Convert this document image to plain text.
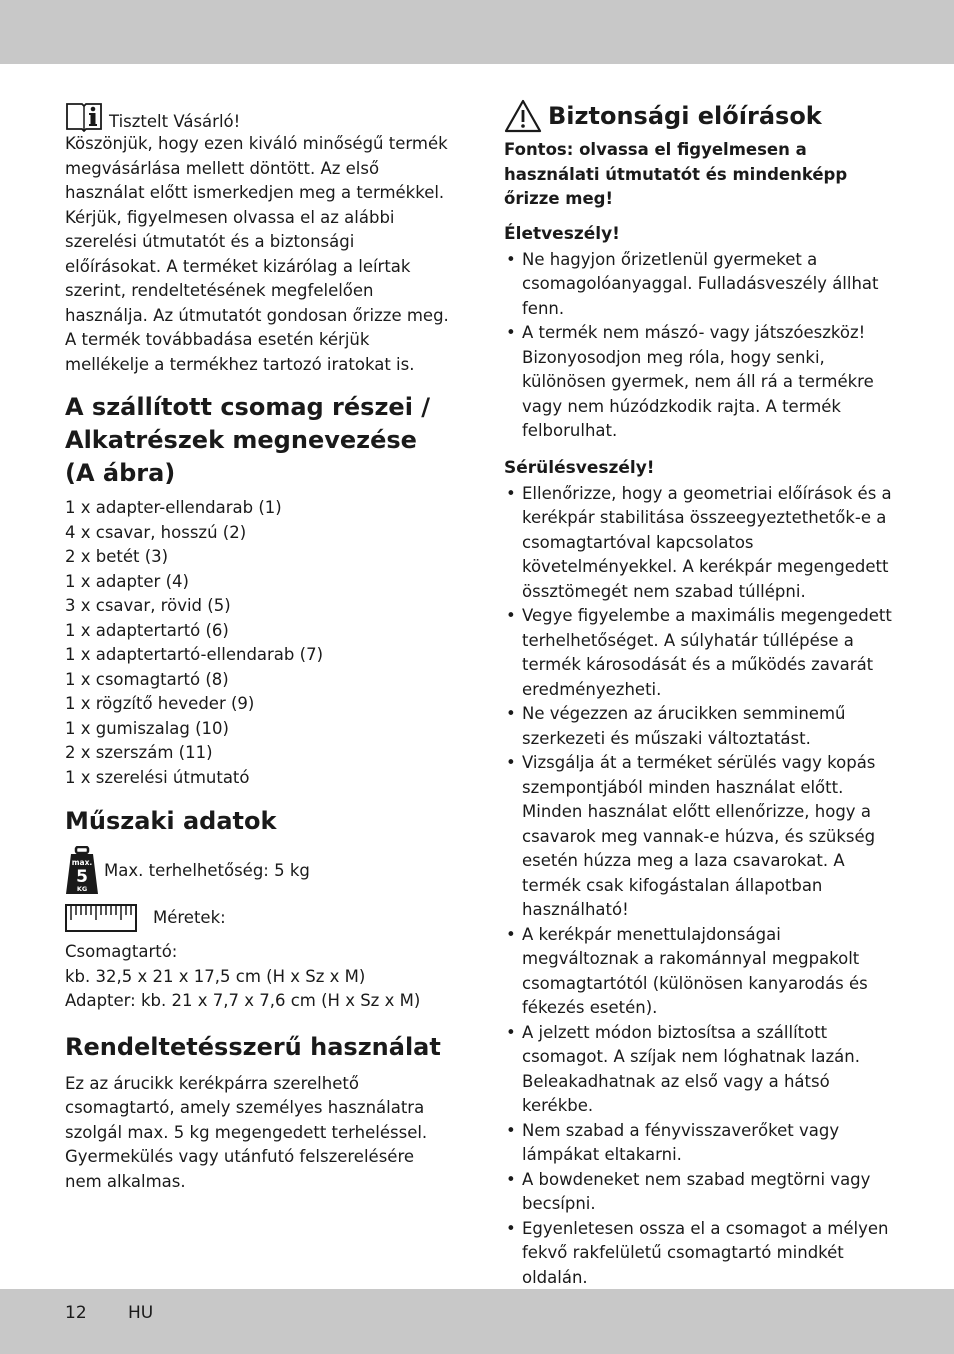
Tisztelt Vásárló!

Köszönjük, hogy ezen kiváló minőségű termék megvásárlása mellett döntött. Az első használat előtt ismerkedjen meg a termékkel. Kérjük, figyelmesen olvassa el az alábbi szerelési útmutatót és a biztonsági előírásokat. A terméket kizárólag a leírtak szerint, rendeltetésének megfelelően használja. Az útmutatót gondosan őrizze meg. A termék továbbadása esetén kérjük mellékelje a termékhez tartozó iratokat is.

A szállított csomag részei / Alkatrészek megnevezése (A ábra)
1 x adapter-ellendarab (1)
4 x csavar, hosszú (2)
2 x betét (3)
1 x adapter (4)
3 x csavar, rövid (5)
1 x adaptertartó (6)
1 x adaptertartó-ellendarab (7)
1 x csomagtartó (8)
1 x rögzítő heveder (9)
1 x gumiszalag (10)
2 x szerszám (11)
1 x szerelési útmutató
Műszaki adatok
max.
5
KG
Max. terhelhetőség: 5 kg
Méretek:

Csomagtartó:

kb. 32,5 x 21 x 17,5 cm (H x Sz x M)

Adapter: kb. 21 x 7,7 x 7,6 cm (H x Sz x M)

Rendeltetésszerű használat

Ez az árucikk kerékpárra szerelhető csomagtartó, amely személyes használatra szolgál max. 5 kg megengedett terheléssel. Gyermekülés vagy utánfutó felszerelésére nem alkalmas.

Biztonsági előírások

Fontos: olvassa el figyelmesen a használati útmutatót és mindenképp őrizze meg!

Életveszély!
• Ne hagyjon őrizetlenül gyermeket a csomagolóanyaggal. Fulladásveszély állhat fenn.
• A termék nem mászó- vagy játszóeszköz! Bizonyosodjon meg róla, hogy senki, különösen gyermek, nem áll rá a termékre vagy nem húzódzkodik rajta. A termék felborulhat.
Sérülésveszély!
• Ellenőrizze, hogy a geometriai előírások és a kerékpár stabilitása összeegyeztethetők-e a csomagtartóval kapcsolatos követelményekkel. A kerékpár megengedett össztömegét nem szabad túllépni.
• Vegye figyelembe a maximális megengedett terhelhetőséget. A súlyhatár túllépése a termék károsodását és a működés zavarát eredményezheti.
• Ne végezzen az árucikken semminemű szerkezeti és műszaki változtatást.
• Vizsgálja át a terméket sérülés vagy kopás szempontjából minden használat előtt. Minden használat előtt ellenőrizze, hogy a csavarok meg vannak-e húzva, és szükség esetén húzza meg a laza csavarokat. A termék csak kifogástalan állapotban használható!
• A kerékpár menettulajdonságai megváltoznak a rakománnyal megpakolt csomagtartótól (különösen kanyarodás és fékezés esetén).
• A jelzett módon biztosítsa a szállított csomagot. A szíjak nem lóghatnak lazán. Beleakadhatnak az első vagy a hátsó kerékbe.
• Nem szabad a fényvisszaverőket vagy lámpákat eltakarni.
• A bowdeneket nem szabad megtörni vagy becsípni.
• Egyenletesen ossza el a csomagot a mélyen fekvő rakfelületű csomagtartó mindkét oldalán.
12 HU
